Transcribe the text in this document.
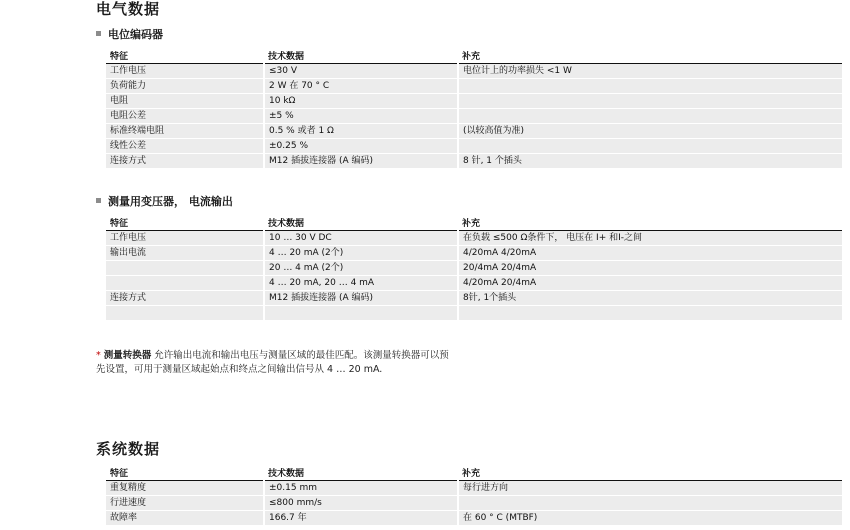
电气数据
电位编码器
特征	技术数据	补充
工作电压	≤30 V	电位计上的功率损失 <1 W
负荷能力	2 W 在 70 ° C	
电阻	10 kΩ	
电阻公差	±5 %	
标准终端电阻	0.5 % 或者 1 Ω	(以较高值为准)
线性公差	±0.25 %	
连接方式	M12 插拔连接器 (A 编码)	8 针, 1 个插头
测量用变压器， 电流输出
特征	技术数据	补充
工作电压	10 … 30 V DC	在负载 ≤500 Ω条件下， 电压在 I+ 和I-之间
输出电流	4 … 20 mA (2个)	4/20mA 4/20mA
	20 … 4 mA (2个)	20/4mA 20/4mA
	4 … 20 mA, 20 … 4 mA	4/20mA 20/4mA
连接方式	M12 插拔连接器 (A 编码)	8针, 1个插头

* 测量转换器 允许输出电流和输出电压与测量区域的最佳匹配。该测量转换器可以预先设置，可用于测量区域起始点和终点之间输出信号从 4 … 20 mA.
系统数据
特征	技术数据	补充
重复精度	±0.15 mm	每行进方向
行进速度	≤800 mm/s	
故障率	166.7 年	在 60 ° C (MTBF)
